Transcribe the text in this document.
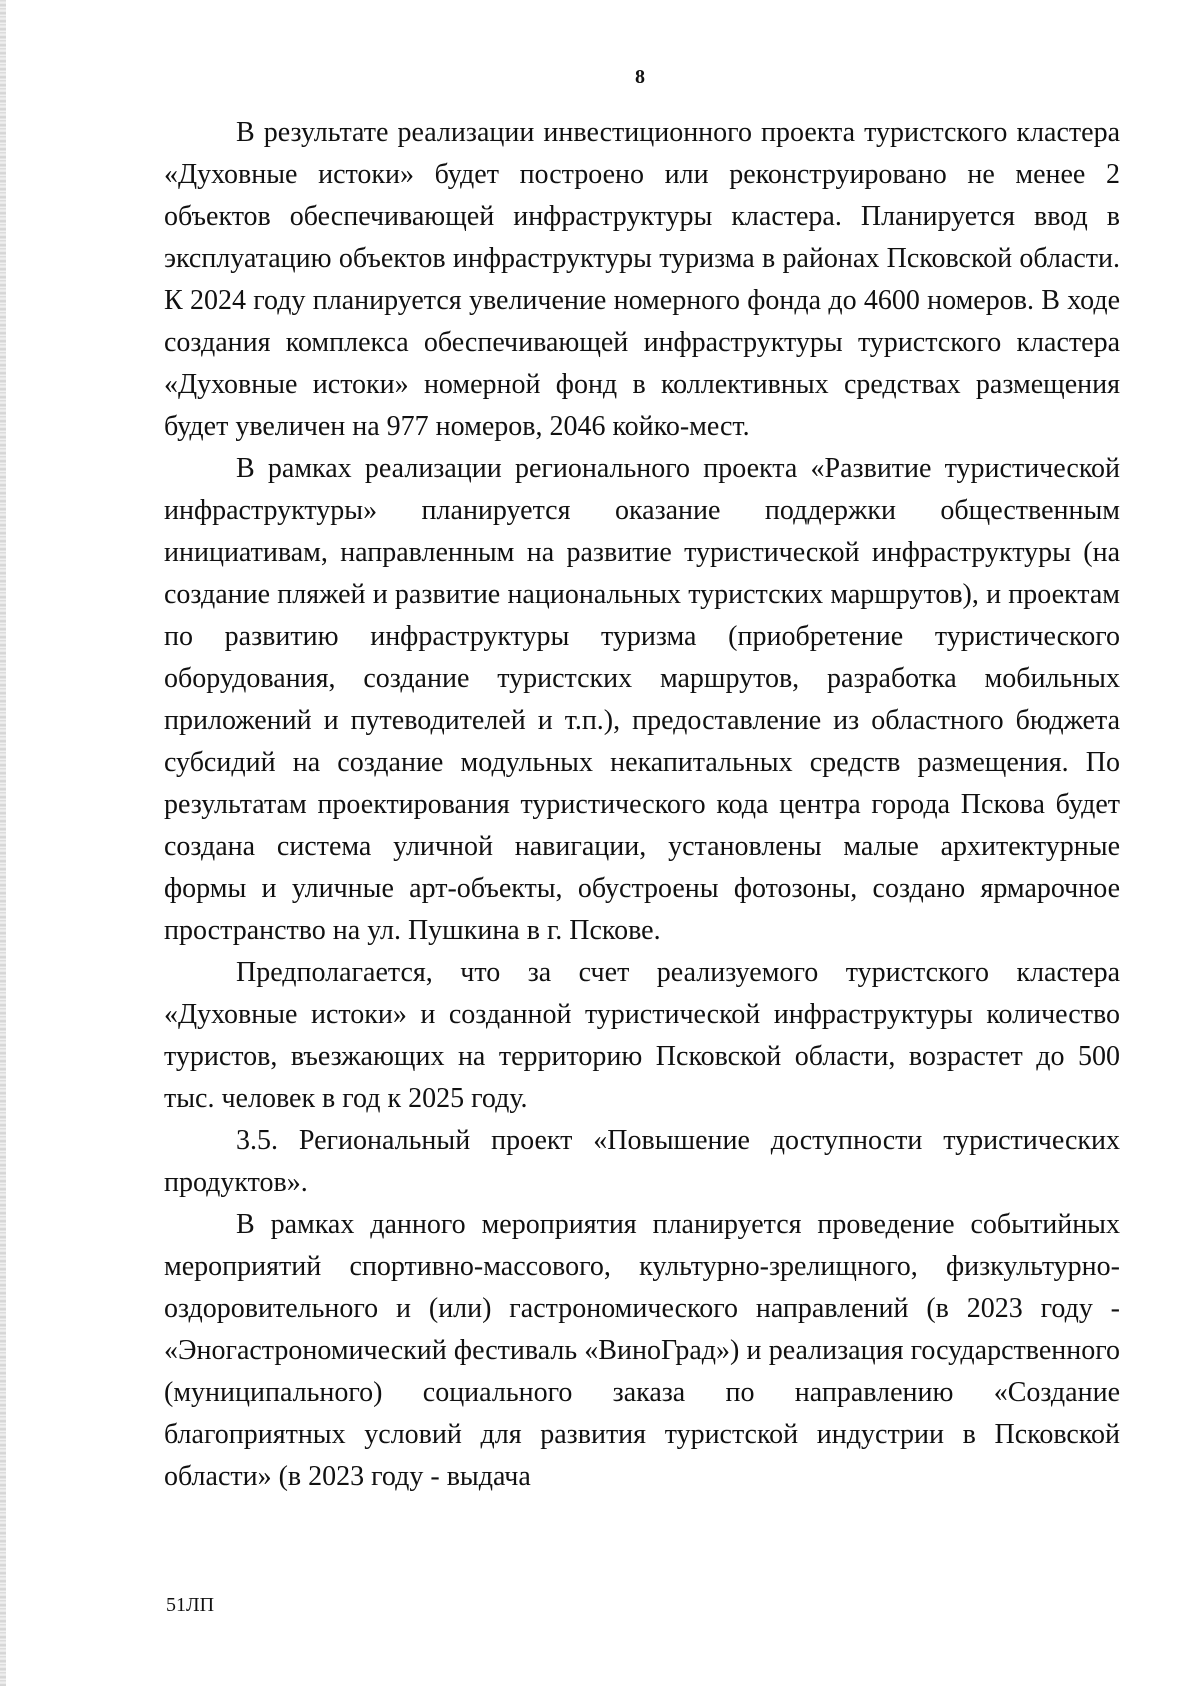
8

В результате реализации инвестиционного проекта туристского кластера «Духовные истоки» будет построено или реконструировано не менее 2 объектов обеспечивающей инфраструктуры кластера. Планируется ввод в эксплуатацию объектов инфраструктуры туризма в районах Псковской области. К 2024 году планируется увеличение номерного фонда до 4600 номеров. В ходе создания комплекса обеспечивающей инфраструктуры туристского кластера «Духовные истоки» номерной фонд в коллективных средствах размещения будет увеличен на 977 номеров, 2046 койко-мест.

В рамках реализации регионального проекта «Развитие туристической инфраструктуры» планируется оказание поддержки общественным инициативам, направленным на развитие туристической инфраструктуры (на создание пляжей и развитие национальных туристских маршрутов), и проектам по развитию инфраструктуры туризма (приобретение туристического оборудования, создание туристских маршрутов, разработка мобильных приложений и путеводителей и т.п.), предоставление из областного бюджета субсидий на создание модульных некапитальных средств размещения. По результатам проектирования туристического кода центра города Пскова будет создана система уличной навигации, установлены малые архитектурные формы и уличные арт-объекты, обустроены фотозоны, создано ярмарочное пространство на ул. Пушкина в г. Пскове.

Предполагается, что за счет реализуемого туристского кластера «Духовные истоки» и созданной туристической инфраструктуры количество туристов, въезжающих на территорию Псковской области, возрастет до 500 тыс. человек в год к 2025 году.

3.5. Региональный проект «Повышение доступности туристических продуктов».

В рамках данного мероприятия планируется проведение событийных мероприятий спортивно-массового, культурно-зрелищного, физкультурно-оздоровительного и (или) гастрономического направлений (в 2023 году - «Эногастрономический фестиваль «ВиноГрад») и реализация государственного (муниципального) социального заказа по направлению «Создание благоприятных условий для развития туристской индустрии в Псковской области» (в 2023 году - выдача

51ЛП
